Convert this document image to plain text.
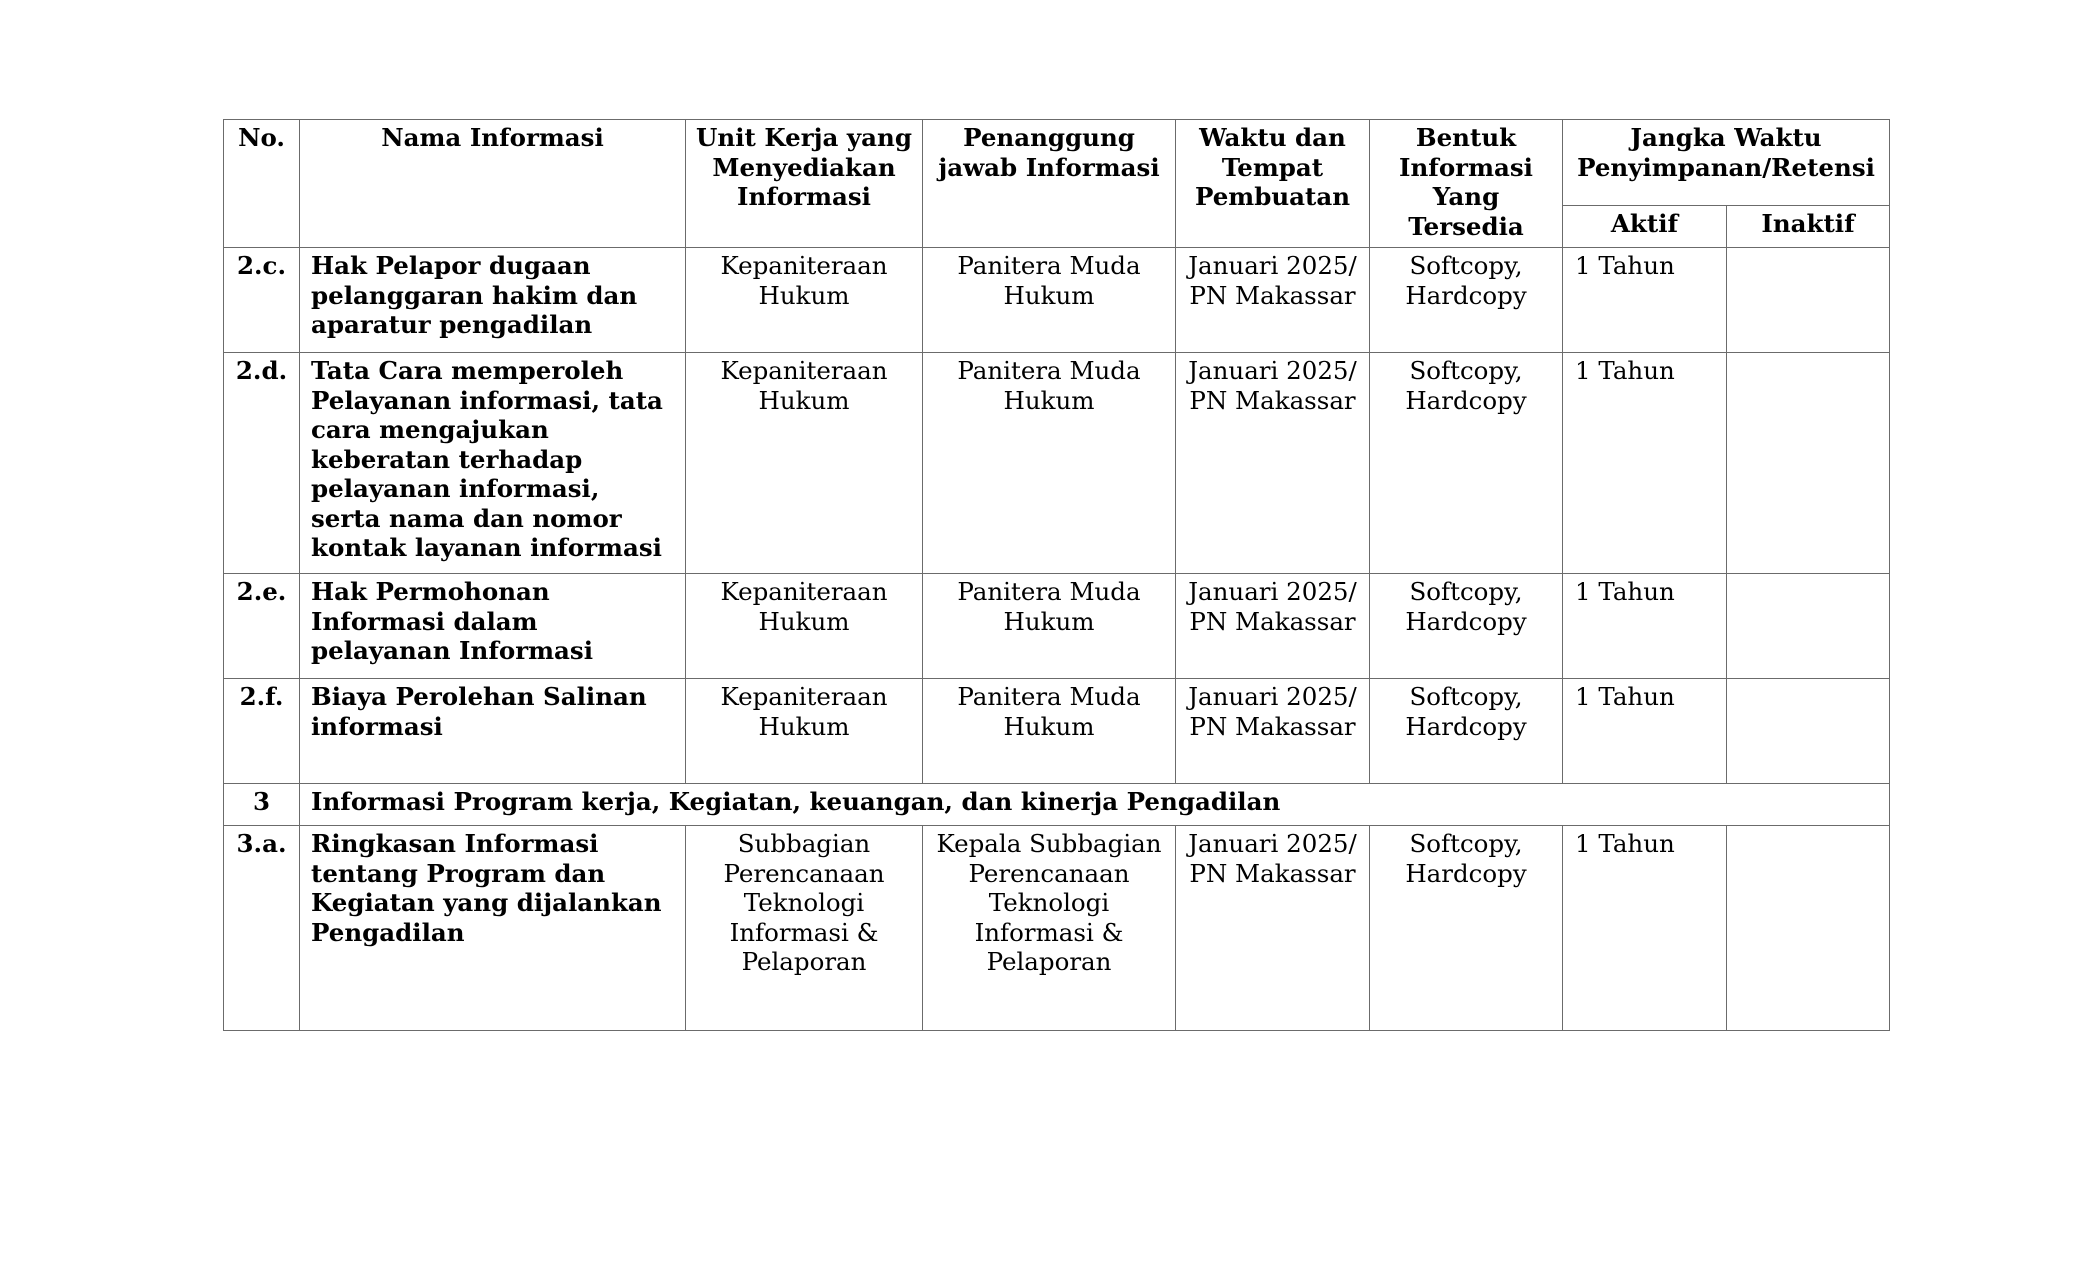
No.	Nama Informasi	Unit Kerja yang Menyediakan Informasi	Penanggung jawab Informasi	Waktu dan Tempat Pembuatan	Bentuk Informasi Yang Tersedia	Jangka Waktu Penyimpanan/Retensi	
						Aktif	Inaktif
2.c.	Hak Pelapor dugaan pelanggaran hakim dan aparatur pengadilan	Kepaniteraan Hukum	Panitera Muda Hukum	Januari 2025/ PN Makassar	Softcopy, Hardcopy	1 Tahun	
2.d.	Tata Cara memperoleh Pelayanan informasi, tata cara mengajukan keberatan terhadap pelayanan informasi, serta nama dan nomor kontak layanan informasi	Kepaniteraan Hukum	Panitera Muda Hukum	Januari 2025/ PN Makassar	Softcopy, Hardcopy	1 Tahun	
2.e.	Hak Permohonan Informasi dalam pelayanan Informasi	Kepaniteraan Hukum	Panitera Muda Hukum	Januari 2025/ PN Makassar	Softcopy, Hardcopy	1 Tahun	
2.f.	Biaya Perolehan Salinan informasi	Kepaniteraan Hukum	Panitera Muda Hukum	Januari 2025/ PN Makassar	Softcopy, Hardcopy	1 Tahun	
3	Informasi Program kerja, Kegiatan, keuangan, dan kinerja Pengadilan						
3.a.	Ringkasan Informasi tentang Program dan Kegiatan yang dijalankan Pengadilan	Subbagian Perencanaan Teknologi Informasi & Pelaporan	Kepala Subbagian Perencanaan Teknologi Informasi & Pelaporan	Januari 2025/ PN Makassar	Softcopy, Hardcopy	1 Tahun	
